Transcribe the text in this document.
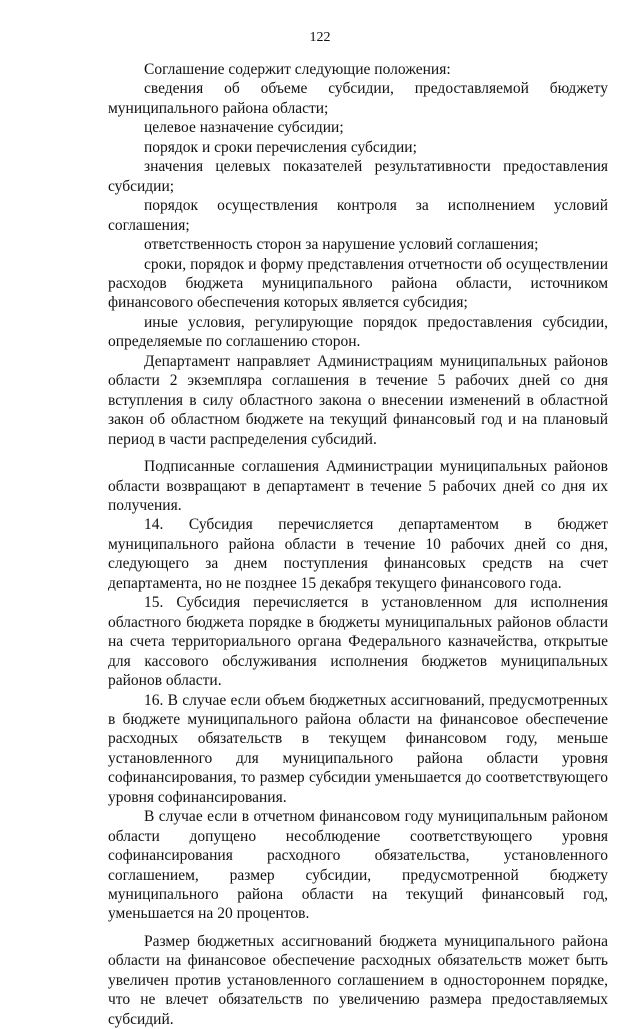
122

Соглашение содержит следующие положения:

сведения об объеме субсидии, предоставляемой бюджету муниципального района области;

целевое назначение субсидии;

порядок и сроки перечисления субсидии;

значения целевых показателей результативности предоставления субсидии;

порядок осуществления контроля за исполнением условий соглашения;

ответственность сторон за нарушение условий соглашения;

сроки, порядок и форму представления отчетности об осуществлении расходов бюджета муниципального района области, источником финансового обеспечения которых является субсидия;

иные условия, регулирующие порядок предоставления субсидии, определяемые по соглашению сторон.

Департамент направляет Администрациям муниципальных районов области 2 экземпляра соглашения в течение 5 рабочих дней со дня вступления в силу областного закона о внесении изменений в областной закон об областном бюджете на текущий финансовый год и на плановый период в части распределения субсидий.

Подписанные соглашения Администрации муниципальных районов области возвращают в департамент в течение 5 рабочих дней со дня их получения.

14. Субсидия перечисляется департаментом в бюджет муниципального района области в течение 10 рабочих дней со дня, следующего за днем поступления финансовых средств на счет департамента, но не позднее 15 декабря текущего финансового года.

15. Субсидия перечисляется в установленном для исполнения областного бюджета порядке в бюджеты муниципальных районов области на счета территориального органа Федерального казначейства, открытые для кассового обслуживания исполнения бюджетов муниципальных районов области.

16. В случае если объем бюджетных ассигнований, предусмотренных в бюджете муниципального района области на финансовое обеспечение расходных обязательств в текущем финансовом году, меньше установленного для муниципального района области уровня софинансирования, то размер субсидии уменьшается до соответствующего уровня софинансирования.

В случае если в отчетном финансовом году муниципальным районом области допущено несоблюдение соответствующего уровня софинансирования расходного обязательства, установленного соглашением, размер субсидии, предусмотренной бюджету муниципального района области на текущий финансовый год, уменьшается на 20 процентов.

Размер бюджетных ассигнований бюджета муниципального района области на финансовое обеспечение расходных обязательств может быть увеличен против установленного соглашением в одностороннем порядке, что не влечет обязательств по увеличению размера предоставляемых субсидий.
